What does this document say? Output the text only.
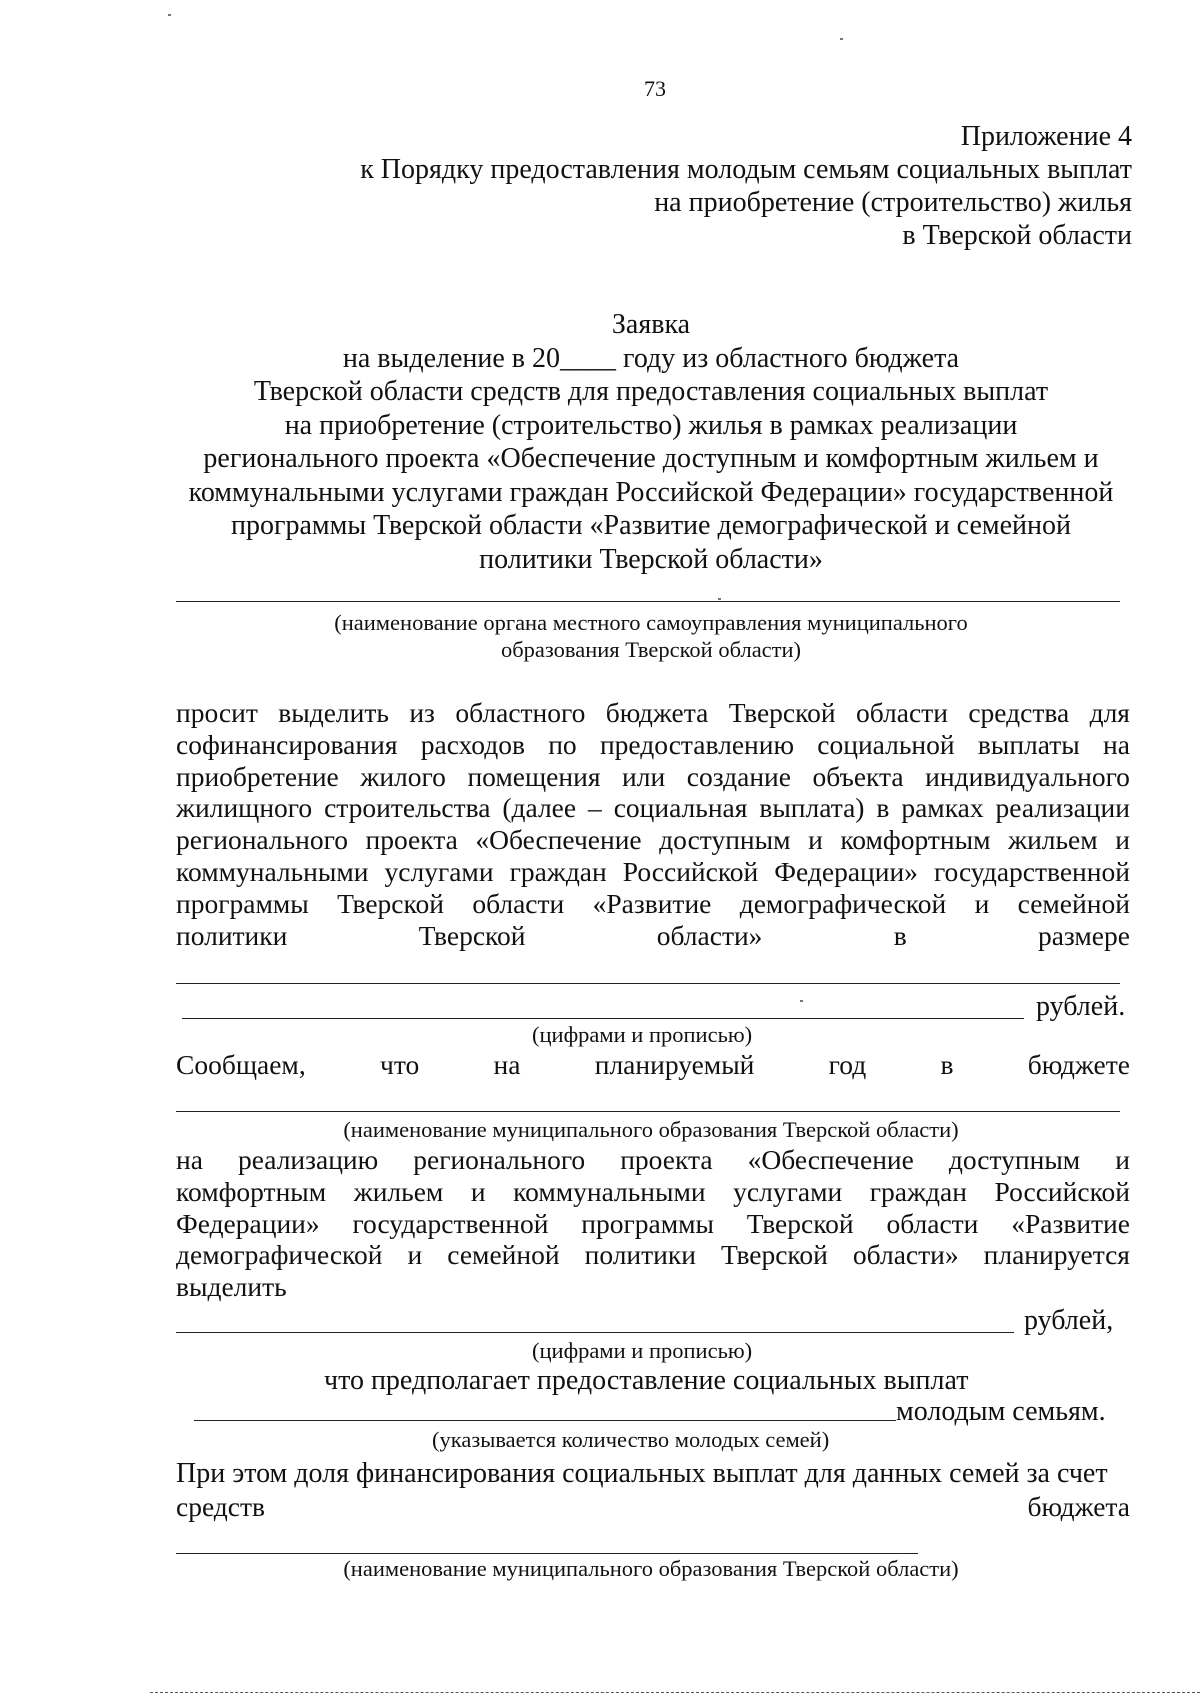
73
Приложение 4
к Порядку предоставления молодым семьям социальных выплат
на приобретение (строительство) жилья
в Тверской области
Заявка
на выделение в 20____ году из областного бюджета
Тверской области средств для предоставления социальных выплат
на приобретение (строительство) жилья в рамках реализации
регионального проекта «Обеспечение доступным и комфортным жильем и
коммунальными услугами граждан Российской Федерации» государственной
программы Тверской области «Развитие демографической и семейной
политики Тверской области»
(наименование органа местного самоуправления муниципального
образования Тверской области)
просит выделить из областного бюджета Тверской области средства для
софинансирования расходов по предоставлению социальной выплаты на
приобретение жилого помещения или создание объекта индивидуального
жилищного строительства (далее – социальная выплата) в рамках реализации
регионального проекта «Обеспечение доступным и комфортным жильем и
коммунальными услугами граждан Российской Федерации» государственной
программы Тверской области «Развитие демографической и семейной
политики	Тверской	области»	в	размере
рублей.
(цифрами и прописью)
Сообщаем,	что	на	планируемый	год	в	бюджете
(наименование муниципального образования Тверской области)
на реализацию регионального проекта «Обеспечение доступным и
комфортным жильем и коммунальными услугами граждан Российской
Федерации» государственной программы Тверской области «Развитие
демографической и семейной политики Тверской области» планируется
выделить
рублей,
(цифрами и прописью)
что предполагает предоставление социальных выплат
молодым семьям.
(указывается количество молодых семей)
При этом доля финансирования социальных выплат для данных семей за счет
средств	бюджета
(наименование муниципального образования Тверской области)
